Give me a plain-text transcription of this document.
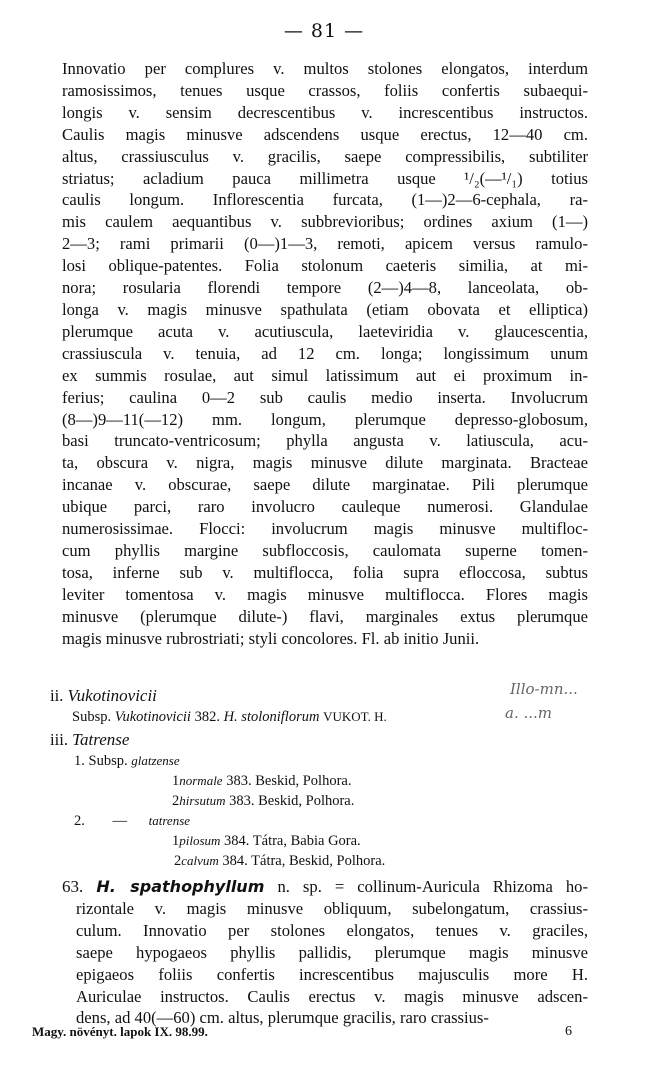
— 81 —
Innovatio per complures v. multos stolones elongatos, interdum
ramosissimos, tenues usque crassos, foliis confertis subaequi-
longis v. sensim decrescentibus v. increscentibus instructos.
Caulis magis minusve adscendens usque erectus, 12—40 cm.
altus, crassiusculus v. gracilis, saepe compressibilis, subtiliter
striatus; acladium pauca millimetra usque ¹/₂(—¹/₁) totius
caulis longum. Inflorescentia furcata, (1—)2—6-cephala, ra-
mis caulem aequantibus v. subbrevioribus; ordines axium (1—)
2—3; rami primarii (0—)1—3, remoti, apicem versus ramulo-
losi oblique-patentes. Folia stolonum caeteris similia, at mi-
nora; rosularia florendi tempore (2—)4—8, lanceolata, ob-
longa v. magis minusve spathulata (etiam obovata et elliptica)
plerumque acuta v. acutiuscula, laeteviridia v. glaucescentia,
crassiuscula v. tenuia, ad 12 cm. longa; longissimum unum
ex summis rosulae, aut simul latissimum aut ei proximum in-
ferius; caulina 0—2 sub caulis medio inserta. Involucrum
(8—)9—11(—12) mm. longum, plerumque depresso-globosum,
basi truncato-ventricosum; phylla angusta v. latiuscula, acu-
ta, obscura v. nigra, magis minusve dilute marginata. Bracteae
incanae v. obscurae, saepe dilute marginatae. Pili plerumque
ubique parci, raro involucro cauleque numerosi. Glandulae
numerosissimae. Flocci: involucrum magis minusve multifloc-
cum phyllis margine subfloccosis, caulomata superne tomen-
tosa, inferne sub v. multiflocca, folia supra efloccosa, subtus
leviter tomentosa v. magis minusve multiflocca. Flores magis
minusve (plerumque dilute-) flavi, marginales extus plerumque
magis minusve rubrostriati; styli concolores. Fl. ab initio Junii.
ii. Vukotinovicii
Subsp. Vukotinovicii 382. H. stoloniflorum VUKOT. H.
iii. Tatrense
1. Subsp. glatzense
1normale 383. Beskid, Polhora.
2hirsutum 383. Beskid, Polhora.
2. — tatrense
1pilosum 384. Tátra, Babia Gora.
2calvum 384. Tátra, Beskid, Polhora.
Illo-mn...
a. ...m
63. H. spathophyllum n. sp. = collinum-Auricula Rhizoma ho-
rizontale v. magis minusve obliquum, subelongatum, crassius-
culum. Innovatio per stolones elongatos, tenues v. graciles,
saepe hypogaeos phyllis pallidis, plerumque magis minusve
epigaeos foliis confertis increscentibus majusculis more H.
Auriculae instructos. Caulis erectus v. magis minusve adscen-
dens, ad 40(—60) cm. altus, plerumque gracilis, raro crassius-
Magy. növényt. lapok IX. 98.99.	6
